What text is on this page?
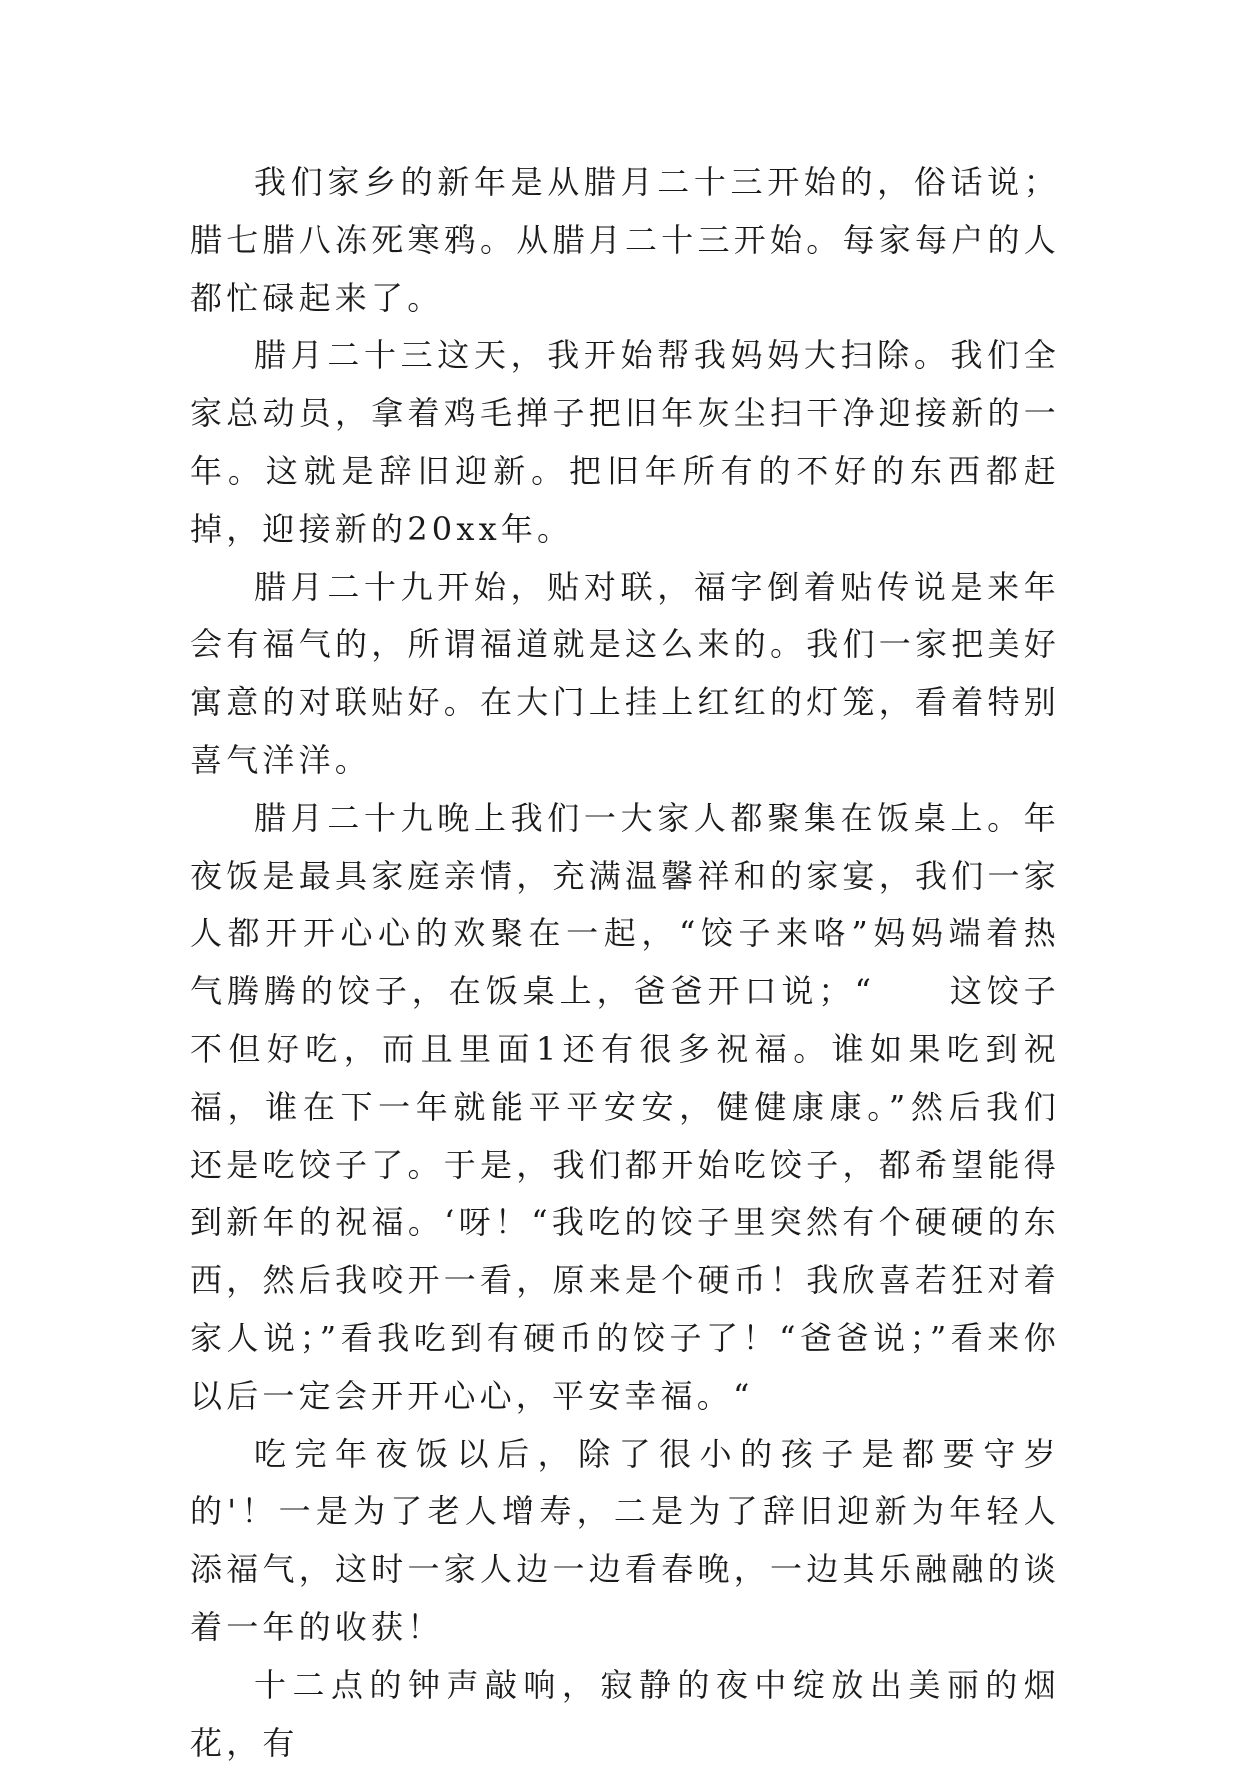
我们家乡的新年是从腊月二十三开始的，俗话说；腊七腊八冻死寒鸦。从腊月二十三开始。每家每户的人都忙碌起来了。

腊月二十三这天，我开始帮我妈妈大扫除。我们全家总动员，拿着鸡毛掸子把旧年灰尘扫干净迎接新的一年。这就是辞旧迎新。把旧年所有的不好的东西都赶掉，迎接新的20xx年。

腊月二十九开始，贴对联，福字倒着贴传说是来年会有福气的，所谓福道就是这么来的。我们一家把美好寓意的对联贴好。在大门上挂上红红的灯笼，看着特别喜气洋洋。

腊月二十九晚上我们一大家人都聚集在饭桌上。年夜饭是最具家庭亲情，充满温馨祥和的家宴，我们一家人都开开心心的欢聚在一起，“饺子来咯”妈妈端着热气腾腾的饺子，在饭桌上，爸爸开口说；“　　这饺子不但好吃，而且里面1还有很多祝福。谁如果吃到祝福，谁在下一年就能平平安安，健健康康。”然后我们还是吃饺子了。于是，我们都开始吃饺子，都希望能得到新年的祝福。‘呀！“我吃的饺子里突然有个硬硬的东西，然后我咬开一看，原来是个硬币！我欣喜若狂对着家人说；”看我吃到有硬币的饺子了！“爸爸说；”看来你以后一定会开开心心，平安幸福。“

吃完年夜饭以后，除了很小的孩子是都要守岁的'！一是为了老人增寿，二是为了辞旧迎新为年轻人添福气，这时一家人边一边看春晚，一边其乐融融的谈着一年的收获！

十二点的钟声敲响，寂静的夜中绽放出美丽的烟花，有
